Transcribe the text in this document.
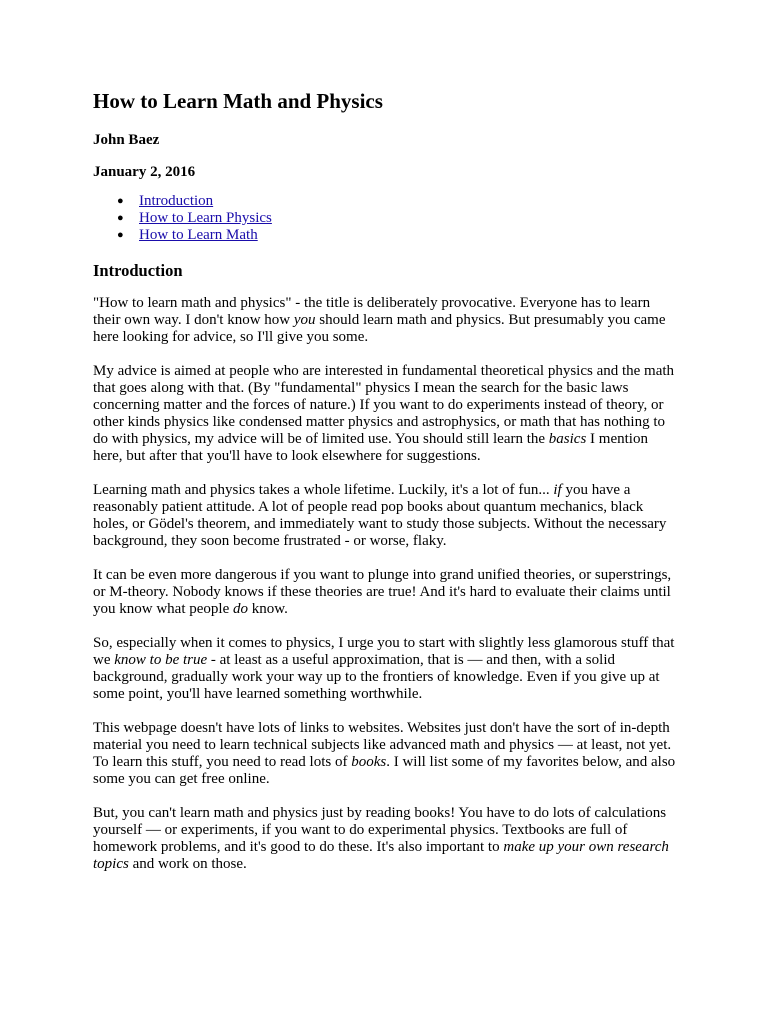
How to Learn Math and Physics

John Baez

January 2, 2016

● Introduction
● How to Learn Physics
● How to Learn Math
Introduction

"How to learn math and physics" - the title is deliberately provocative. Everyone has to learn their own way. I don't know how you should learn math and physics. But presumably you came here looking for advice, so I'll give you some.

My advice is aimed at people who are interested in fundamental theoretical physics and the math that goes along with that. (By "fundamental" physics I mean the search for the basic laws concerning matter and the forces of nature.) If you want to do experiments instead of theory, or other kinds physics like condensed matter physics and astrophysics, or math that has nothing to do with physics, my advice will be of limited use. You should still learn the basics I mention here, but after that you'll have to look elsewhere for suggestions.

Learning math and physics takes a whole lifetime. Luckily, it's a lot of fun... if you have a reasonably patient attitude. A lot of people read pop books about quantum mechanics, black holes, or Gödel's theorem, and immediately want to study those subjects. Without the necessary background, they soon become frustrated - or worse, flaky.

It can be even more dangerous if you want to plunge into grand unified theories, or superstrings, or M-theory. Nobody knows if these theories are true! And it's hard to evaluate their claims until you know what people do know.

So, especially when it comes to physics, I urge you to start with slightly less glamorous stuff that we know to be true - at least as a useful approximation, that is — and then, with a solid background, gradually work your way up to the frontiers of knowledge. Even if you give up at some point, you'll have learned something worthwhile.

This webpage doesn't have lots of links to websites. Websites just don't have the sort of in-depth material you need to learn technical subjects like advanced math and physics — at least, not yet. To learn this stuff, you need to read lots of books. I will list some of my favorites below, and also some you can get free online.

But, you can't learn math and physics just by reading books! You have to do lots of calculations yourself — or experiments, if you want to do experimental physics. Textbooks are full of homework problems, and it's good to do these. It's also important to make up your own research topics and work on those.
